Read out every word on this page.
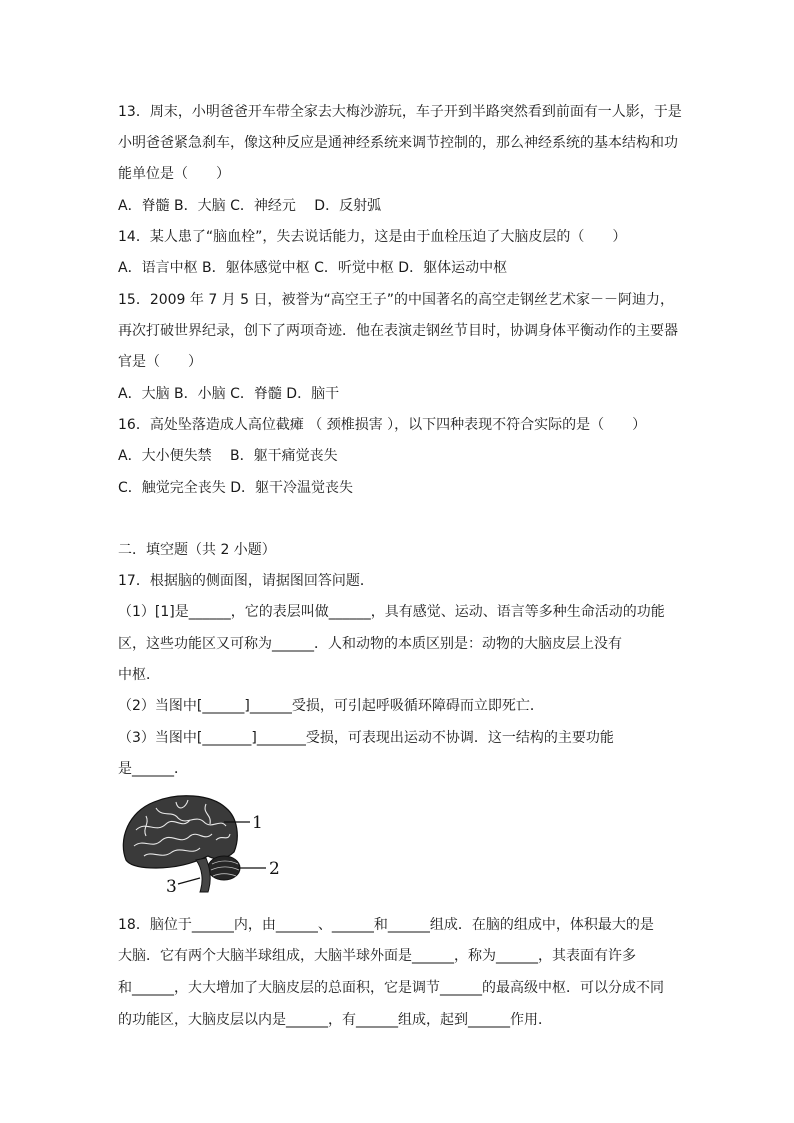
13．周末，小明爸爸开车带全家去大梅沙游玩，车子开到半路突然看到前面有一人影，于是
小明爸爸紧急刹车，像这种反应是通神经系统来调节控制的，那么神经系统的基本结构和功
能单位是（　　）
A．脊髓 B．大脑 C．神经元　 D．反射弧
14．某人患了“脑血栓”，失去说话能力，这是由于血栓压迫了大脑皮层的（　　）
A．语言中枢 B．躯体感觉中枢 C．听觉中枢 D．躯体运动中枢
15．2009 年 7 月 5 日，被誉为“高空王子”的中国著名的高空走钢丝艺术家－－阿迪力，
再次打破世界纪录，创下了两项奇迹．他在表演走钢丝节目时，协调身体平衡动作的主要器
官是（　　）
A．大脑 B．小脑 C．脊髓 D．脑干
16．高处坠落造成人高位截瘫 （ 颈椎损害 ），以下四种表现不符合实际的是（　　）
A．大小便失禁　 B．躯干痛觉丧失
C．触觉完全丧失 D．躯干冷温觉丧失
二．填空题（共 2 小题）
17．根据脑的侧面图，请据图回答问题．
（1）[1]是______，它的表层叫做______，具有感觉、运动、语言等多种生命活动的功能
区，这些功能区又可称为______．人和动物的本质区别是：动物的大脑皮层上没有
中枢．
（2）当图中[______]______受损，可引起呼吸循环障碍而立即死亡．
（3）当图中[_______]_______受损，可表现出运动不协调．这一结构的主要功能
是______．
1
2
3
18．脑位于______内，由______、______和______组成．在脑的组成中，体积最大的是
大脑．它有两个大脑半球组成，大脑半球外面是______，称为______，其表面有许多
和______，大大增加了大脑皮层的总面积，它是调节______的最高级中枢．可以分成不同
的功能区，大脑皮层以内是______，有______组成，起到______作用．
